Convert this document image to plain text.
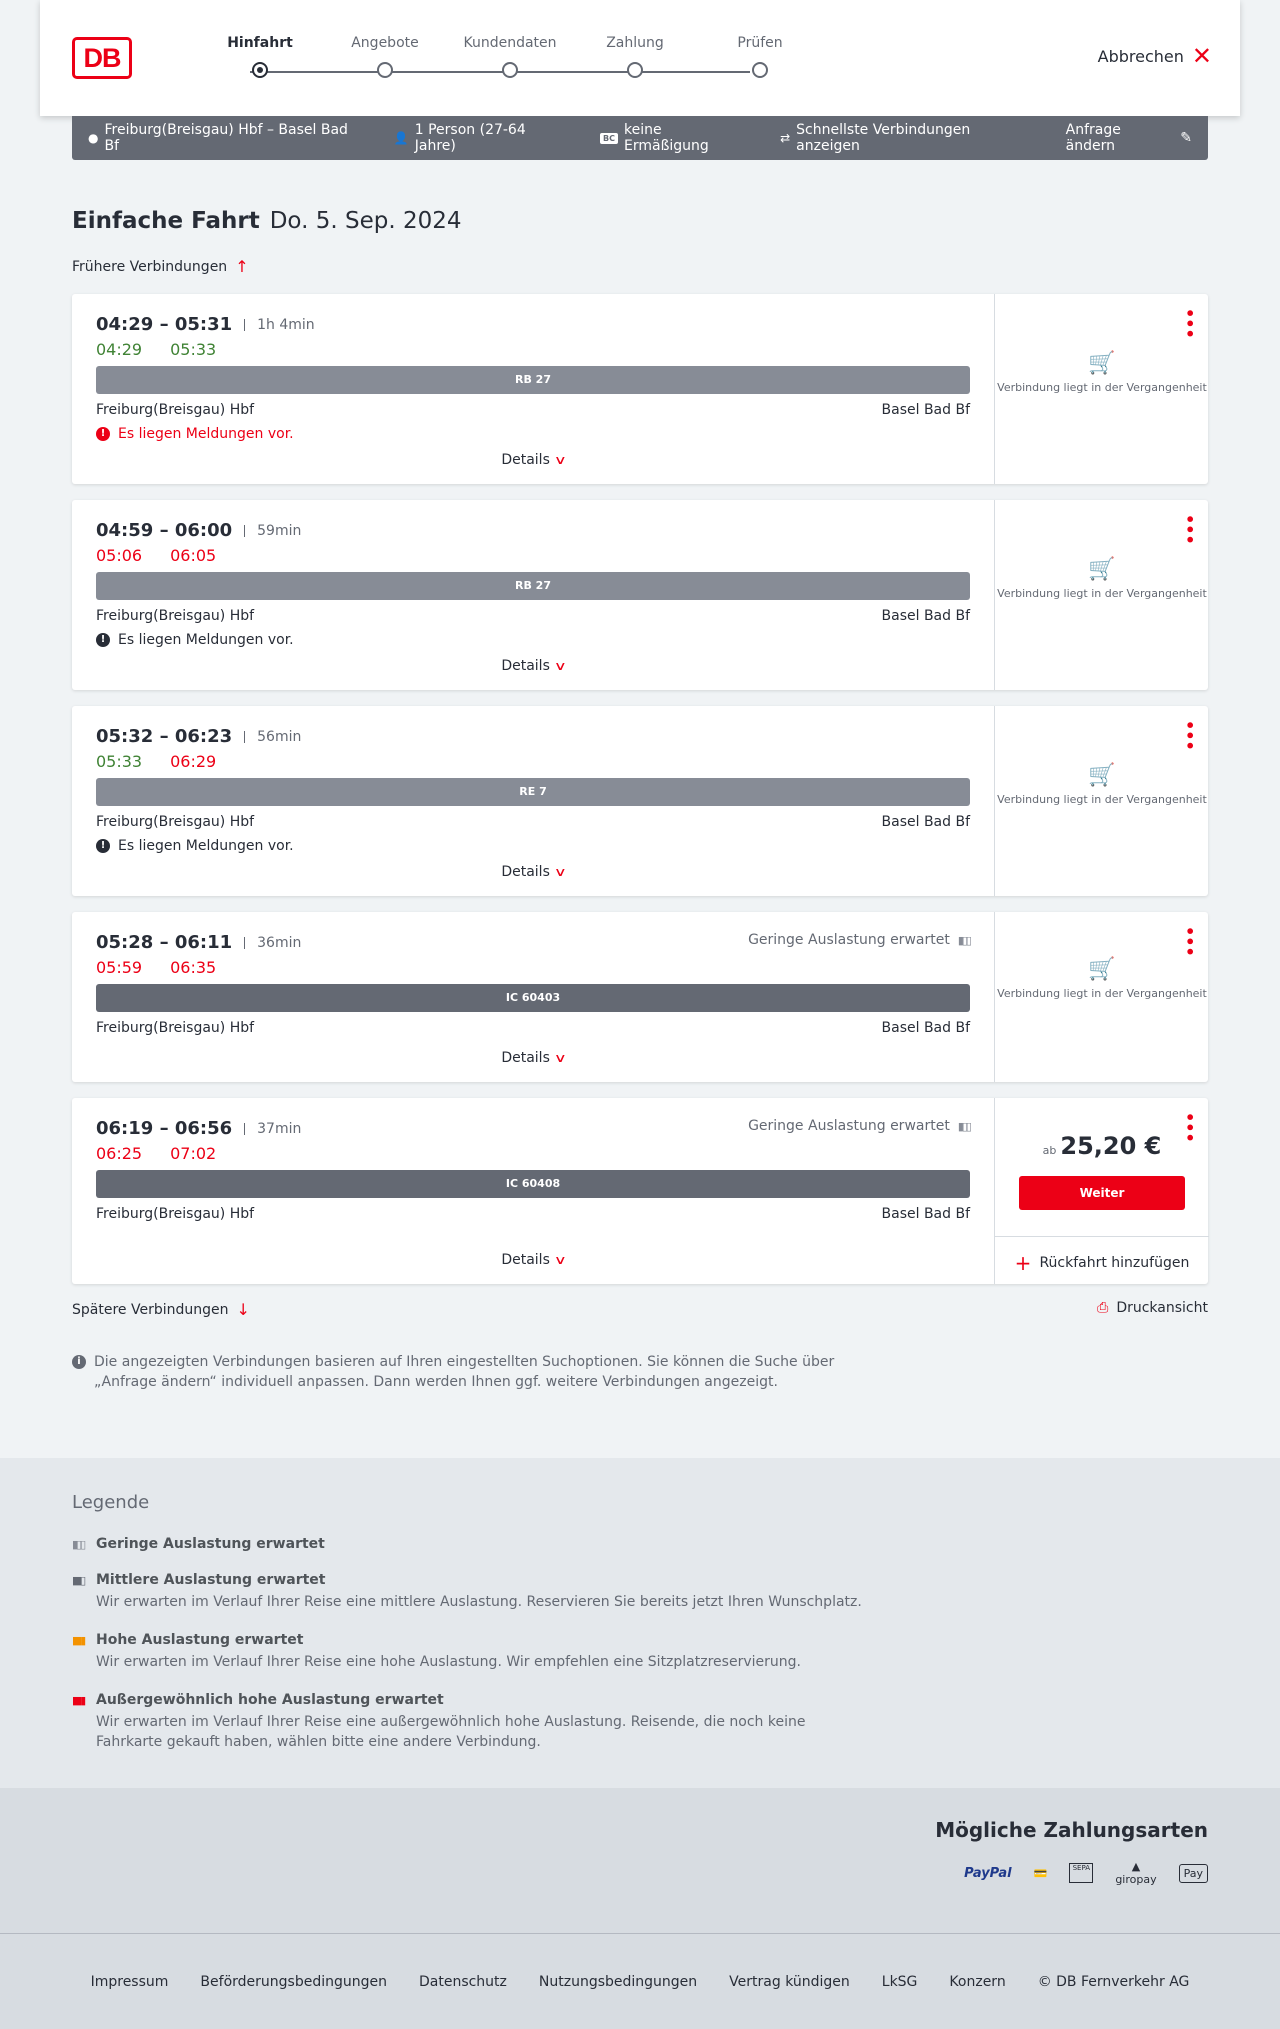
DB	Hinfahrt	Angebote	Kundendaten	Zahlung	Prüfen
Abbrechen ✕
● Freiburg(Breisgau) Hbf – Basel Bad Bf	👤 1 Person (27-64 Jahre)	BC keine Ermäßigung	⇄ Schnellste Verbindungen anzeigen
Anfrage ändern	✎
Einfache Fahrt Do. 5. Sep. 2024
Frühere Verbindungen ↑
04:29 – 05:31	1h 4min
04:29 05:33
RB 27
Freiburg(Breisgau) Hbf	Basel Bad Bf
! Es liegen Meldungen vor.
Details ∨
•••
🛒
Verbindung liegt in der Vergangenheit
04:59 – 06:00	59min
05:06 06:05
RB 27
Freiburg(Breisgau) Hbf	Basel Bad Bf
! Es liegen Meldungen vor.
Details ∨
•••
🛒
Verbindung liegt in der Vergangenheit
05:32 – 06:23	56min
05:33 06:29
RE 7
Freiburg(Breisgau) Hbf	Basel Bad Bf
! Es liegen Meldungen vor.
Details ∨
•••
🛒
Verbindung liegt in der Vergangenheit
05:28 – 06:11	36min	Geringe Auslastung erwartet ▮▯▯
05:59 06:35
IC 60403
Freiburg(Breisgau) Hbf	Basel Bad Bf
Details ∨
•••
🛒
Verbindung liegt in der Vergangenheit
06:19 – 06:56	37min	Geringe Auslastung erwartet ▮▯▯
06:25 07:02
IC 60408
Freiburg(Breisgau) Hbf	Basel Bad Bf
Details ∨
•••
ab 25,20 €
Weiter
+ Rückfahrt hinzufügen
Spätere Verbindungen ↓	⎙ Druckansicht
i Die angezeigten Verbindungen basieren auf Ihren eingestellten Suchoptionen. Sie können die Suche über „Anfrage ändern“ individuell anpassen. Dann werden Ihnen ggf. weitere Verbindungen angezeigt.
Legende
▮▯▯ Geringe Auslastung erwartet
▮▮▯ Mittlere Auslastung erwartet
Wir erwarten im Verlauf Ihrer Reise eine mittlere Auslastung. Reservieren Sie bereits jetzt Ihren Wunschplatz.
▮▮▮ Hohe Auslastung erwartet
Wir erwarten im Verlauf Ihrer Reise eine hohe Auslastung. Wir empfehlen eine Sitzplatzreservierung.
▮▮▮ Außergewöhnlich hohe Auslastung erwartet
Wir erwarten im Verlauf Ihrer Reise eine außergewöhnlich hohe Auslastung. Reisende, die noch keine Fahrkarte gekauft haben, wählen bitte eine andere Verbindung.
Mögliche Zahlungsarten
PayPal 💳	SEPA	▲
giropay	Pay
Impressum Beförderungsbedingungen Datenschutz Nutzungsbedingungen Vertrag kündigen LkSG Konzern © DB Fernverkehr AG
